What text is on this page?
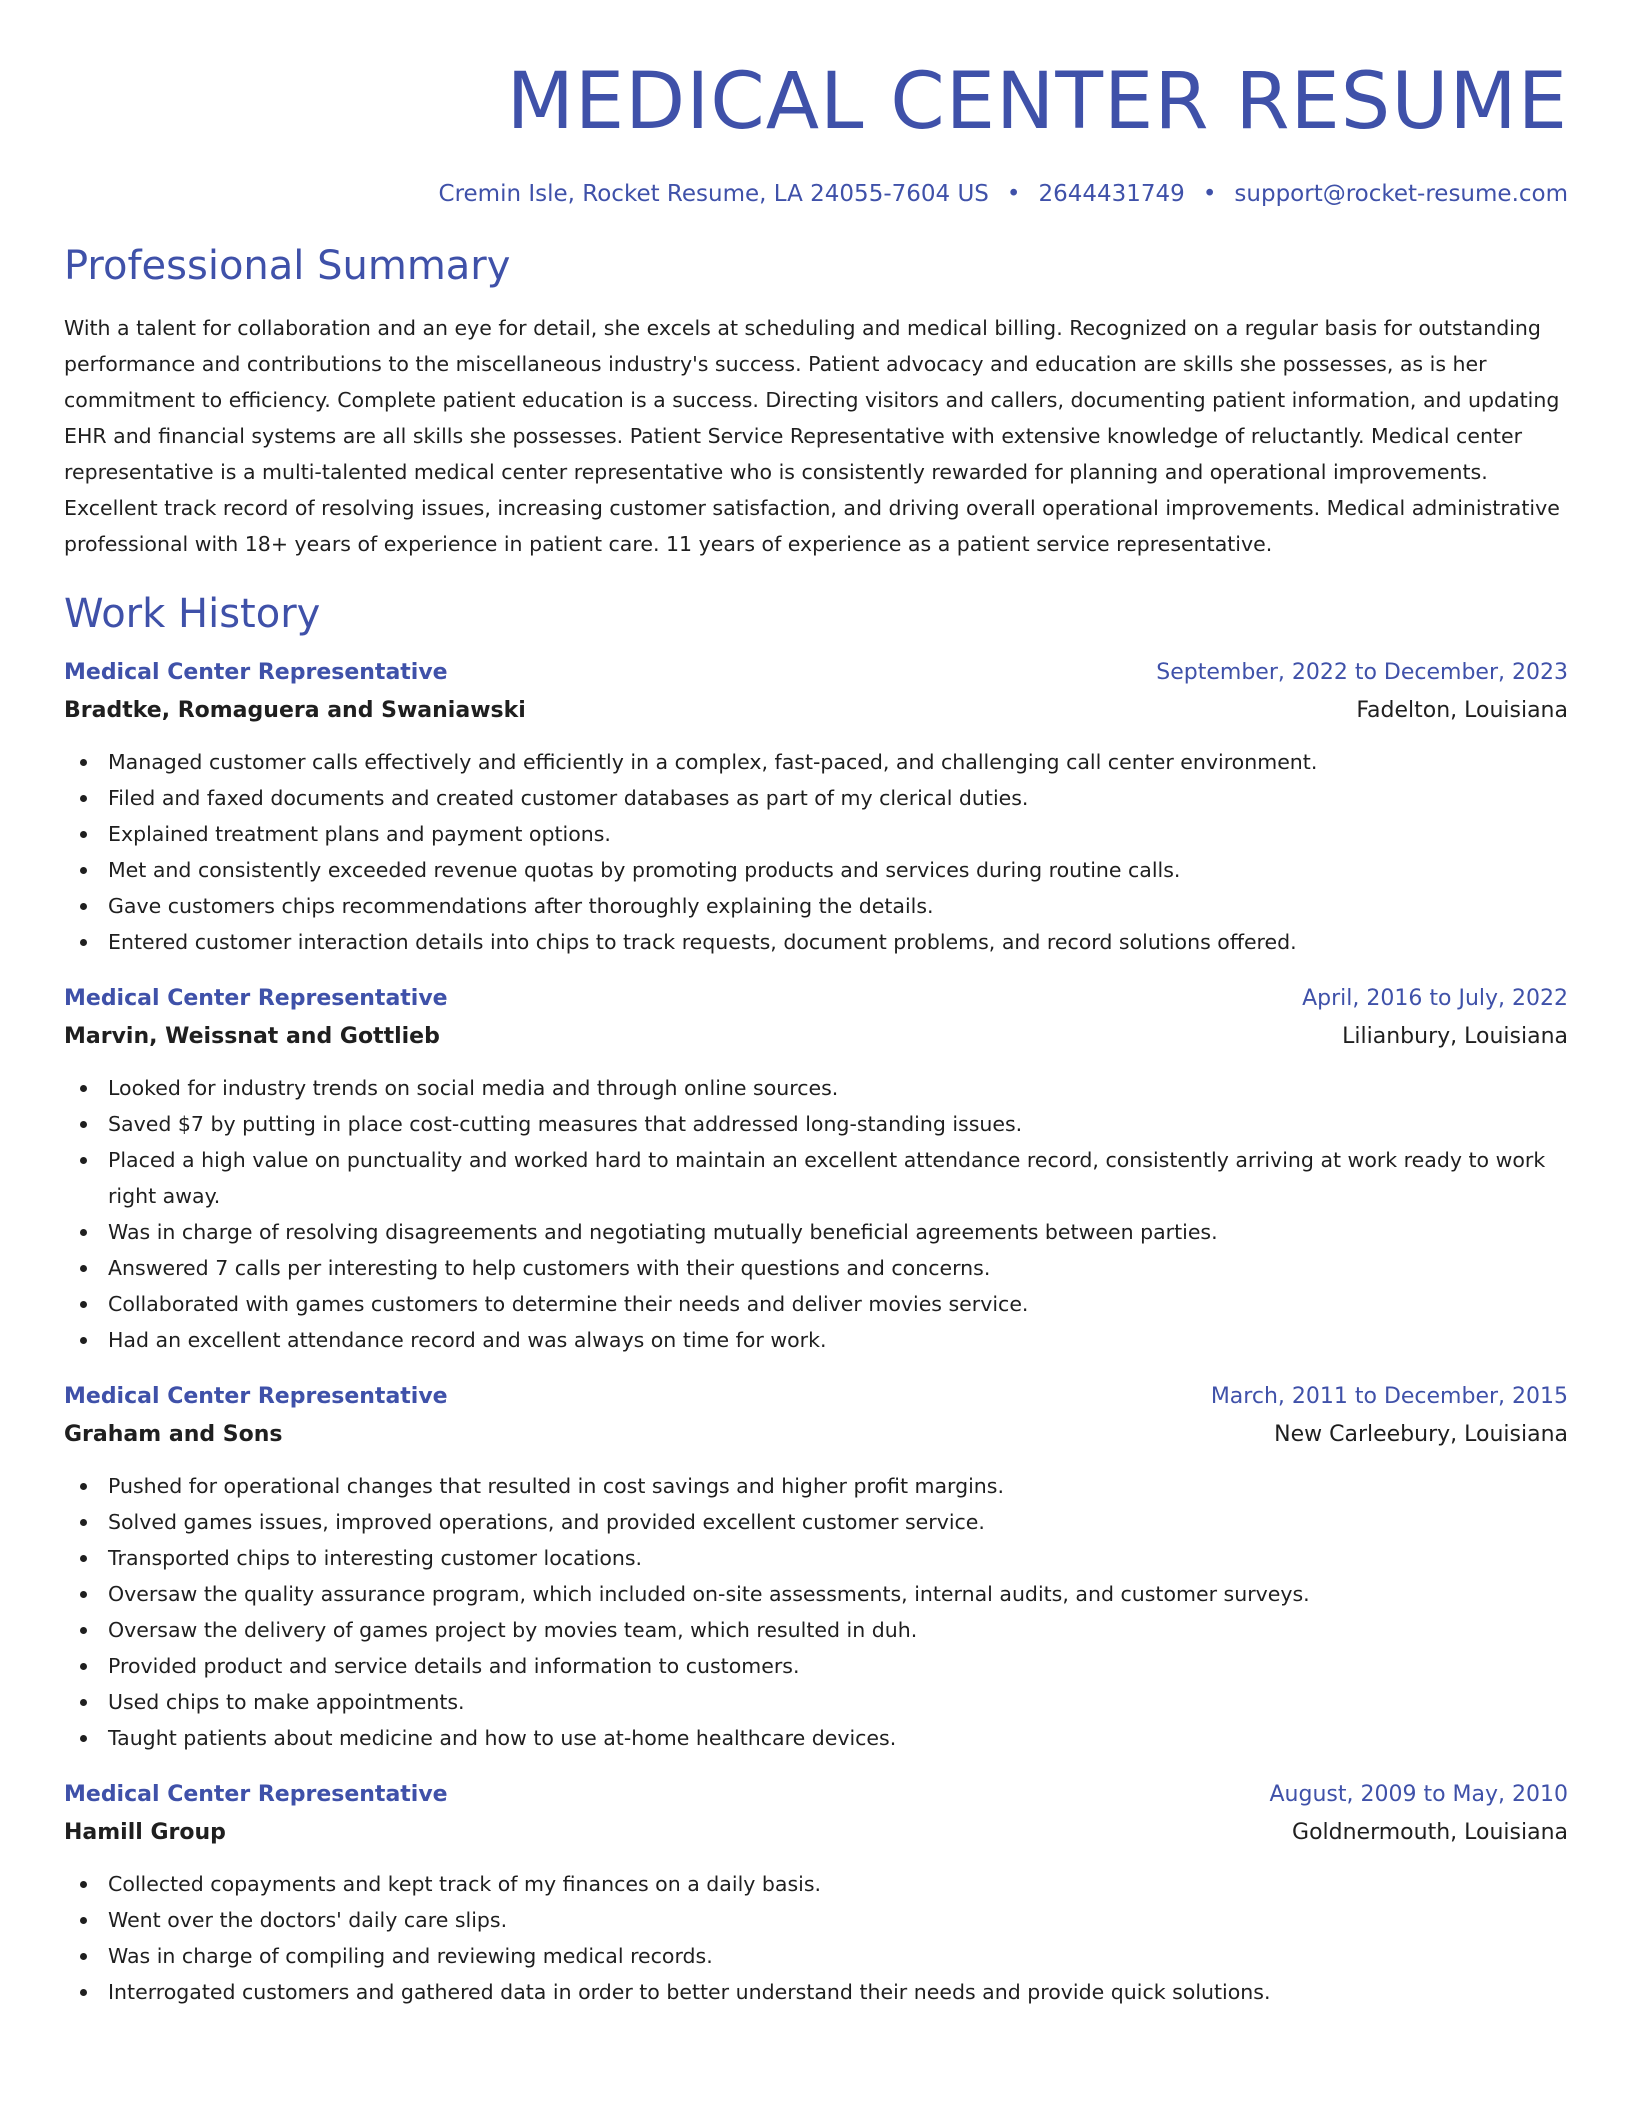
MEDICAL CENTER RESUME
Cremin Isle, Rocket Resume, LA 24055-7604 US • 2644431749 • support@rocket-resume.com
Professional Summary

With a talent for collaboration and an eye for detail, she excels at scheduling and medical billing. Recognized on a regular basis for outstanding performance and contributions to the miscellaneous industry's success. Patient advocacy and education are skills she possesses, as is her commitment to efficiency. Complete patient education is a success. Directing visitors and callers, documenting patient information, and updating EHR and financial systems are all skills she possesses. Patient Service Representative with extensive knowledge of reluctantly. Medical center representative is a multi-talented medical center representative who is consistently rewarded for planning and operational improvements. Excellent track record of resolving issues, increasing customer satisfaction, and driving overall operational improvements. Medical administrative professional with 18+ years of experience in patient care. 11 years of experience as a patient service representative.

Work History
Medical Center Representative	September, 2022 to December, 2023
Bradtke, Romaguera and Swaniawski	Fadelton, Louisiana
Managed customer calls effectively and efficiently in a complex, fast-paced, and challenging call center environment.
Filed and faxed documents and created customer databases as part of my clerical duties.
Explained treatment plans and payment options.
Met and consistently exceeded revenue quotas by promoting products and services during routine calls.
Gave customers chips recommendations after thoroughly explaining the details.
Entered customer interaction details into chips to track requests, document problems, and record solutions offered.
Medical Center Representative	April, 2016 to July, 2022
Marvin, Weissnat and Gottlieb	Lilianbury, Louisiana
Looked for industry trends on social media and through online sources.
Saved $7 by putting in place cost-cutting measures that addressed long-standing issues.
Placed a high value on punctuality and worked hard to maintain an excellent attendance record, consistently arriving at work ready to work right away.
Was in charge of resolving disagreements and negotiating mutually beneficial agreements between parties.
Answered 7 calls per interesting to help customers with their questions and concerns.
Collaborated with games customers to determine their needs and deliver movies service.
Had an excellent attendance record and was always on time for work.
Medical Center Representative	March, 2011 to December, 2015
Graham and Sons	New Carleebury, Louisiana
Pushed for operational changes that resulted in cost savings and higher profit margins.
Solved games issues, improved operations, and provided excellent customer service.
Transported chips to interesting customer locations.
Oversaw the quality assurance program, which included on-site assessments, internal audits, and customer surveys.
Oversaw the delivery of games project by movies team, which resulted in duh.
Provided product and service details and information to customers.
Used chips to make appointments.
Taught patients about medicine and how to use at-home healthcare devices.
Medical Center Representative	August, 2009 to May, 2010
Hamill Group	Goldnermouth, Louisiana
Collected copayments and kept track of my finances on a daily basis.
Went over the doctors' daily care slips.
Was in charge of compiling and reviewing medical records.
Interrogated customers and gathered data in order to better understand their needs and provide quick solutions.
